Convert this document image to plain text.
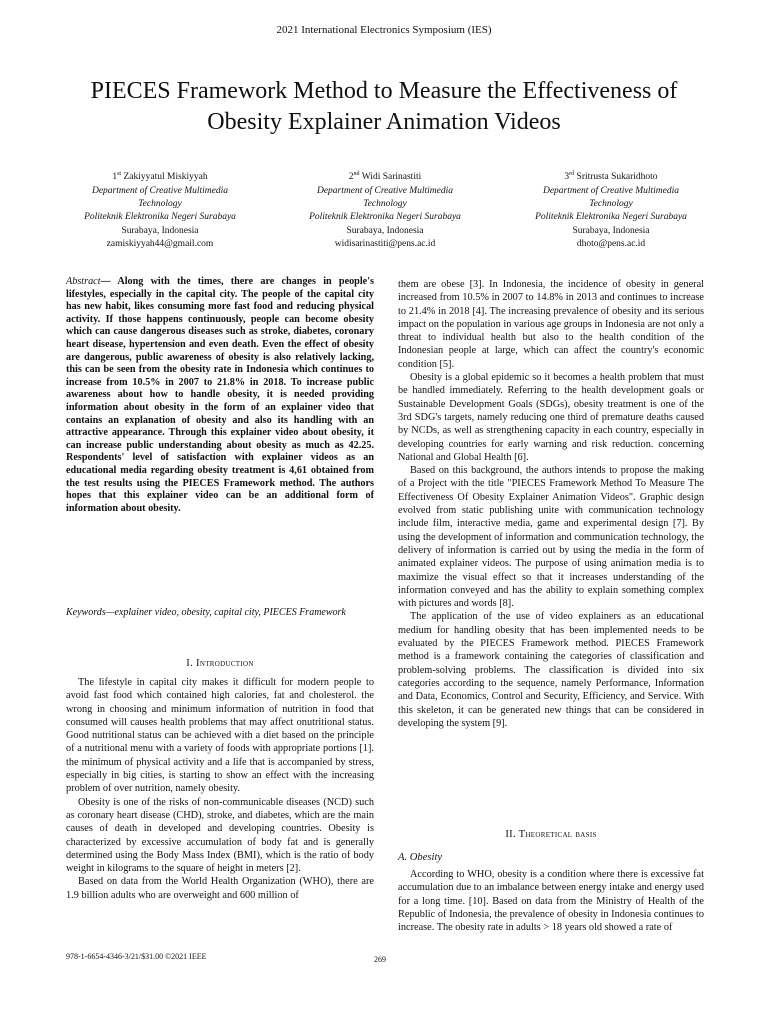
2021 International Electronics Symposium (IES)
PIECES Framework Method to Measure the Effectiveness of
Obesity Explainer Animation Videos
1st Zakiyyatul Miskiyyah
Department of Creative Multimedia
Technology
Politeknik Elektronika Negeri Surabaya
Surabaya, Indonesia
zamiskiyyah44@gmail.com
2nd Widi Sarinastiti
Department of Creative Multimedia
Technology
Politeknik Elektronika Negeri Surabaya
Surabaya, Indonesia
widisarinastiti@pens.ac.id
3rd Sritrusta Sukaridhoto
Department of Creative Multimedia
Technology
Politeknik Elektronika Negeri Surabaya
Surabaya, Indonesia
dhoto@pens.ac.id
Abstract— Along with the times, there are changes in people's lifestyles, especially in the capital city. The people of the capital city has new habit, likes consuming more fast food and reducing physical activity. If those happens continuously, people can become obesity which can cause dangerous diseases such as stroke, diabetes, coronary heart disease, hypertension and even death. Even the effect of obesity are dangerous, public awareness of obesity is also relatively lacking, this can be seen from the obesity rate in Indonesia which continues to increase from 10.5% in 2007 to 21.8% in 2018. To increase public awareness about how to handle obesity, it is needed providing information about obesity in the form of an explainer video that contains an explanation of obesity and also its handling with an attractive appearance. Through this explainer video about obesity, it can increase public understanding about obesity as much as 42.25. Respondents' level of satisfaction with explainer videos as an educational media regarding obesity treatment is 4,61 obtained from the test results using the PIECES Framework method. The authors hopes that this explainer video can be an additional form of information about obesity.
Keywords—explainer video, obesity, capital city, PIECES Framework
I. Introduction

The lifestyle in capital city makes it difficult for modern people to avoid fast food which contained high calories, fat and cholesterol. the wrong in choosing and minimum information of nutrition in food that consumed will causes health problems that may affect onutritional status. Good nutritional status can be achieved with a diet based on the principle of a nutritional menu with a variety of foods with appropriate portions [1]. the minimum of physical activity and a life that is accompanied by stress, especially in big cities, is starting to show an effect with the increasing problem of over nutrition, namely obesity.

Obesity is one of the risks of non-communicable diseases (NCD) such as coronary heart disease (CHD), stroke, and diabetes, which are the main causes of death in developed and developing countries. Obesity is characterized by excessive accumulation of body fat and is generally determined using the Body Mass Index (BMI), which is the ratio of body weight in kilograms to the square of height in meters [2].

Based on data from the World Health Organization (WHO), there are 1.9 billion adults who are overweight and 600 million of

them are obese [3]. In Indonesia, the incidence of obesity in general increased from 10.5% in 2007 to 14.8% in 2013 and continues to increase to 21.4% in 2018 [4]. The increasing prevalence of obesity and its serious impact on the population in various age groups in Indonesia are not only a threat to individual health but also to the health condition of the Indonesian people at large, which can affect the country's economic condition [5].

Obesity is a global epidemic so it becomes a health problem that must be handled immediately. Referring to the health development goals or Sustainable Development Goals (SDGs), obesity treatment is one of the 3rd SDG's targets, namely reducing one third of premature deaths caused by NCDs, as well as strengthening capacity in each country, especially in developing countries for early warning and risk reduction. concerning National and Global Health [6].

Based on this background, the authors intends to propose the making of a Project with the title "PIECES Framework Method To Measure The Effectiveness Of Obesity Explainer Animation Videos". Graphic design evolved from static publishing unite with communication technology include film, interactive media, game and experimental design [7]. By using the development of information and communication technology, the delivery of information is carried out by using the media in the form of animated explainer videos. The purpose of using animation media is to maximize the visual effect so that it increases understanding of the information conveyed and has the ability to explain something complex with pictures and words [8].

The application of the use of video explainers as an educational medium for handling obesity that has been implemented needs to be evaluated by the PIECES Framework method. PIECES Framework method is a framework containing the categories of classification and problem-solving problems. The classification is divided into six categories according to the sequence, namely Performance, Information and Data, Economics, Control and Security, Efficiency, and Service. With this skeleton, it can be generated new things that can be considered in developing the system [9].

II. Theoretical basis
A. Obesity

According to WHO, obesity is a condition where there is excessive fat accumulation due to an imbalance between energy intake and energy used for a long time. [10]. Based on data from the Ministry of Health of the Republic of Indonesia, the prevalence of obesity in Indonesia continues to increase. The obesity rate in adults > 18 years old showed a rate of

978-1-6654-4346-3/21/$31.00 ©2021 IEEE	269
